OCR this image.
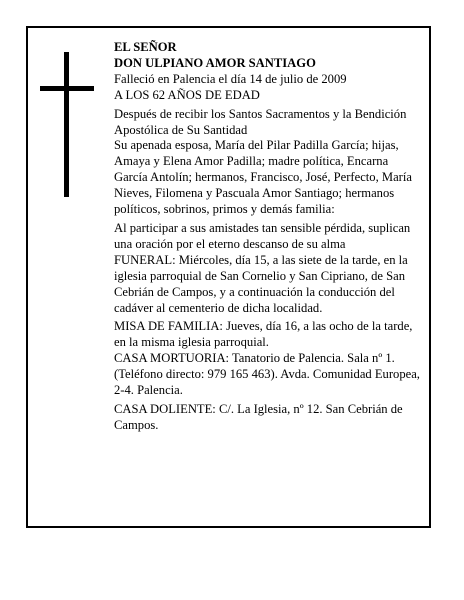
EL SEÑOR

DON ULPIANO AMOR SANTIAGO

Falleció en Palencia el día 14 de julio de 2009

A LOS 62 AÑOS DE EDAD

Después de recibir los Santos Sacramentos y la Bendición Apostólica de Su Santidad

Su apenada esposa, María del Pilar Padilla García; hijas, Amaya y Elena Amor Padilla; madre política, Encarna García Antolín; hermanos, Francisco, José, Perfecto, María Nieves, Filomena y Pascuala Amor Santiago; hermanos políticos, sobrinos, primos y demás familia:

Al participar a sus amistades tan sensible pérdida, suplican una oración por el eterno descanso de su alma

FUNERAL: Miércoles, día 15, a las siete de la tarde, en la iglesia parroquial de San Cornelio y San Cipriano, de San Cebrián de Campos, y a continuación la conducción del cadáver al cementerio de dicha localidad.

MISA DE FAMILIA: Jueves, día 16, a las ocho de la tarde, en la misma iglesia parroquial.

CASA MORTUORIA: Tanatorio de Palencia. Sala nº 1. (Teléfono directo: 979 165 463). Avda. Comunidad Europea, 2-4. Palencia.

CASA DOLIENTE: C/. La Iglesia, nº 12. San Cebrián de Campos.
